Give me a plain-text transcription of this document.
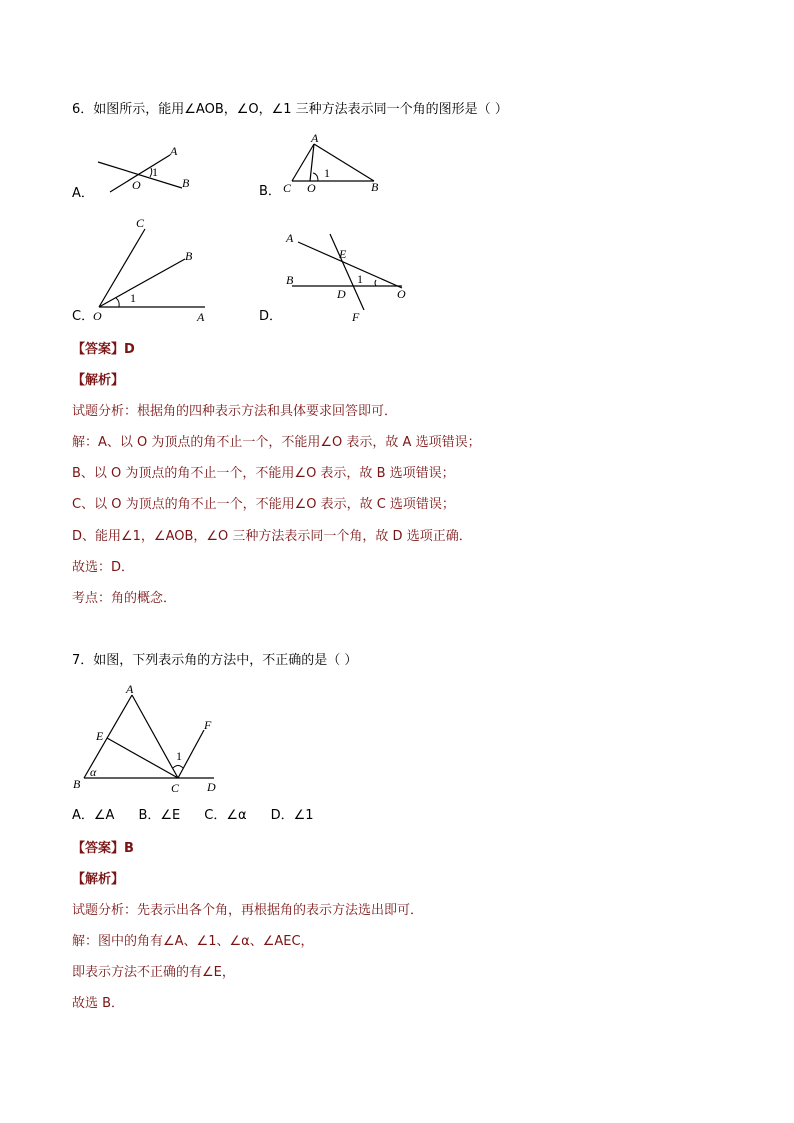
6．如图所示，能用∠AOB，∠O，∠1 三种方法表示同一个角的图形是（ ）
A．
A
O	B
1
B．
A
C O	B
1
C．
C
B
O	A
1
D．
A
E
B
D	O
F
1
【答案】D
【解析】
试题分析：根据角的四种表示方法和具体要求回答即可．
解：A、以 O 为顶点的角不止一个，不能用∠O 表示，故 A 选项错误；
B、以 O 为顶点的角不止一个，不能用∠O 表示，故 B 选项错误；
C、以 O 为顶点的角不止一个，不能用∠O 表示，故 C 选项错误；
D、能用∠1，∠AOB，∠O 三种方法表示同一个角，故 D 选项正确．
故选：D．
考点：角的概念．
7．如图，下列表示角的方法中，不正确的是（ ）
A
F
E
1
B
α
C D
A．∠A B．∠E C．∠α D．∠1
【答案】B
【解析】
试题分析：先表示出各个角，再根据角的表示方法选出即可．
解：图中的角有∠A、∠1、∠α、∠AEC，
即表示方法不正确的有∠E，
故选 B．
